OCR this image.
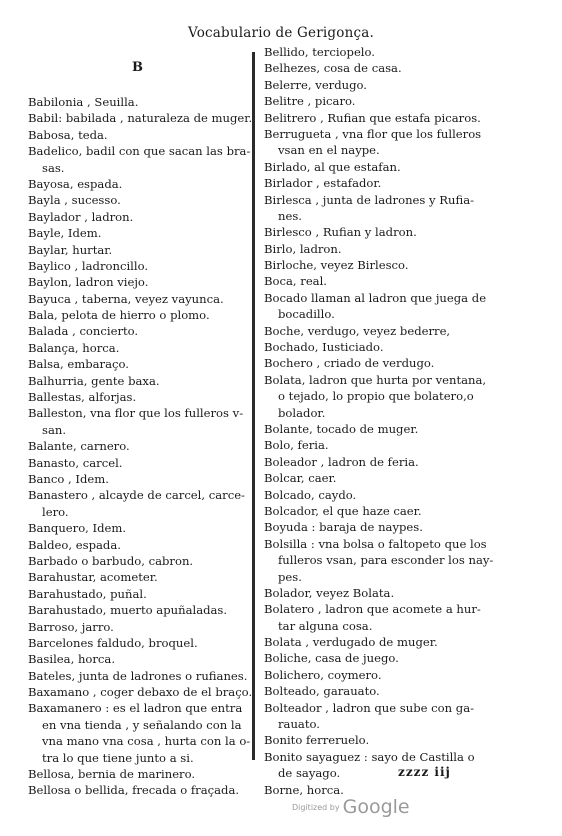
Vocabulario de Gerigonça.
B
Babilonia , Seuilla.
Babil: babilada , naturaleza de muger.
Babosa, teda.
Badelico, badil con que sacan las bra-
sas.
Bayosa, espada.
Bayla , sucesso.
Baylador , ladron.
Bayle, Idem.
Baylar, hurtar.
Baylico , ladroncillo.
Baylon, ladron viejo.
Bayuca , taberna, veyez vayunca.
Bala, pelota de hierro o plomo.
Balada , concierto.
Balança, horca.
Balsa, embaraço.
Balhurria, gente baxa.
Ballestas, alforjas.
Balleston, vna flor que los fulleros v-
san.
Balante, carnero.
Banasto, carcel.
Banco , Idem.
Banastero , alcayde de carcel, carce-
lero.
Banquero, Idem.
Baldeo, espada.
Barbado o barbudo, cabron.
Barahustar, acometer.
Barahustado, puñal.
Barahustado, muerto apuñaladas.
Barroso, jarro.
Barcelones faldudo, broquel.
Basilea, horca.
Bateles, junta de ladrones o rufianes.
Baxamano , coger debaxo de el braço.
Baxamanero : es el ladron que entra
en vna tienda , y señalando con la
vna mano vna cosa , hurta con la o-
tra lo que tiene junto a si.
Bellosa, bernia de marinero.
Bellosa o bellida, frecada o fraçada.
Bellido, terciopelo.
Belhezes, cosa de casa.
Belerre, verdugo.
Belitre , picaro.
Belitrero , Rufian que estafa picaros.
Berrugueta , vna flor que los fulleros
vsan en el naype.
Birlado, al que estafan.
Birlador , estafador.
Birlesca , junta de ladrones y Rufia-
nes.
Birlesco , Rufian y ladron.
Birlo, ladron.
Birloche, veyez Birlesco.
Boca, real.
Bocado llaman al ladron que juega de
bocadillo.
Boche, verdugo, veyez bederre,
Bochado, Iusticiado.
Bochero , criado de verdugo.
Bolata, ladron que hurta por ventana,
o tejado, lo propio que bolatero,o
bolador.
Bolante, tocado de muger.
Bolo, feria.
Boleador , ladron de feria.
Bolcar, caer.
Bolcado, caydo.
Bolcador, el que haze caer.
Boyuda : baraja de naypes.
Bolsilla : vna bolsa o faltopeto que los
fulleros vsan, para esconder los nay-
pes.
Bolador, veyez Bolata.
Bolatero , ladron que acomete a hur-
tar alguna cosa.
Bolata , verdugado de muger.
Boliche, casa de juego.
Bolichero, coymero.
Bolteado, garauato.
Bolteador , ladron que sube con ga-
rauato.
Bonito ferreruelo.
Bonito sayaguez : sayo de Castilla o
de sayago.
Borne, horca.
zzzz iij
Digitized by Google
